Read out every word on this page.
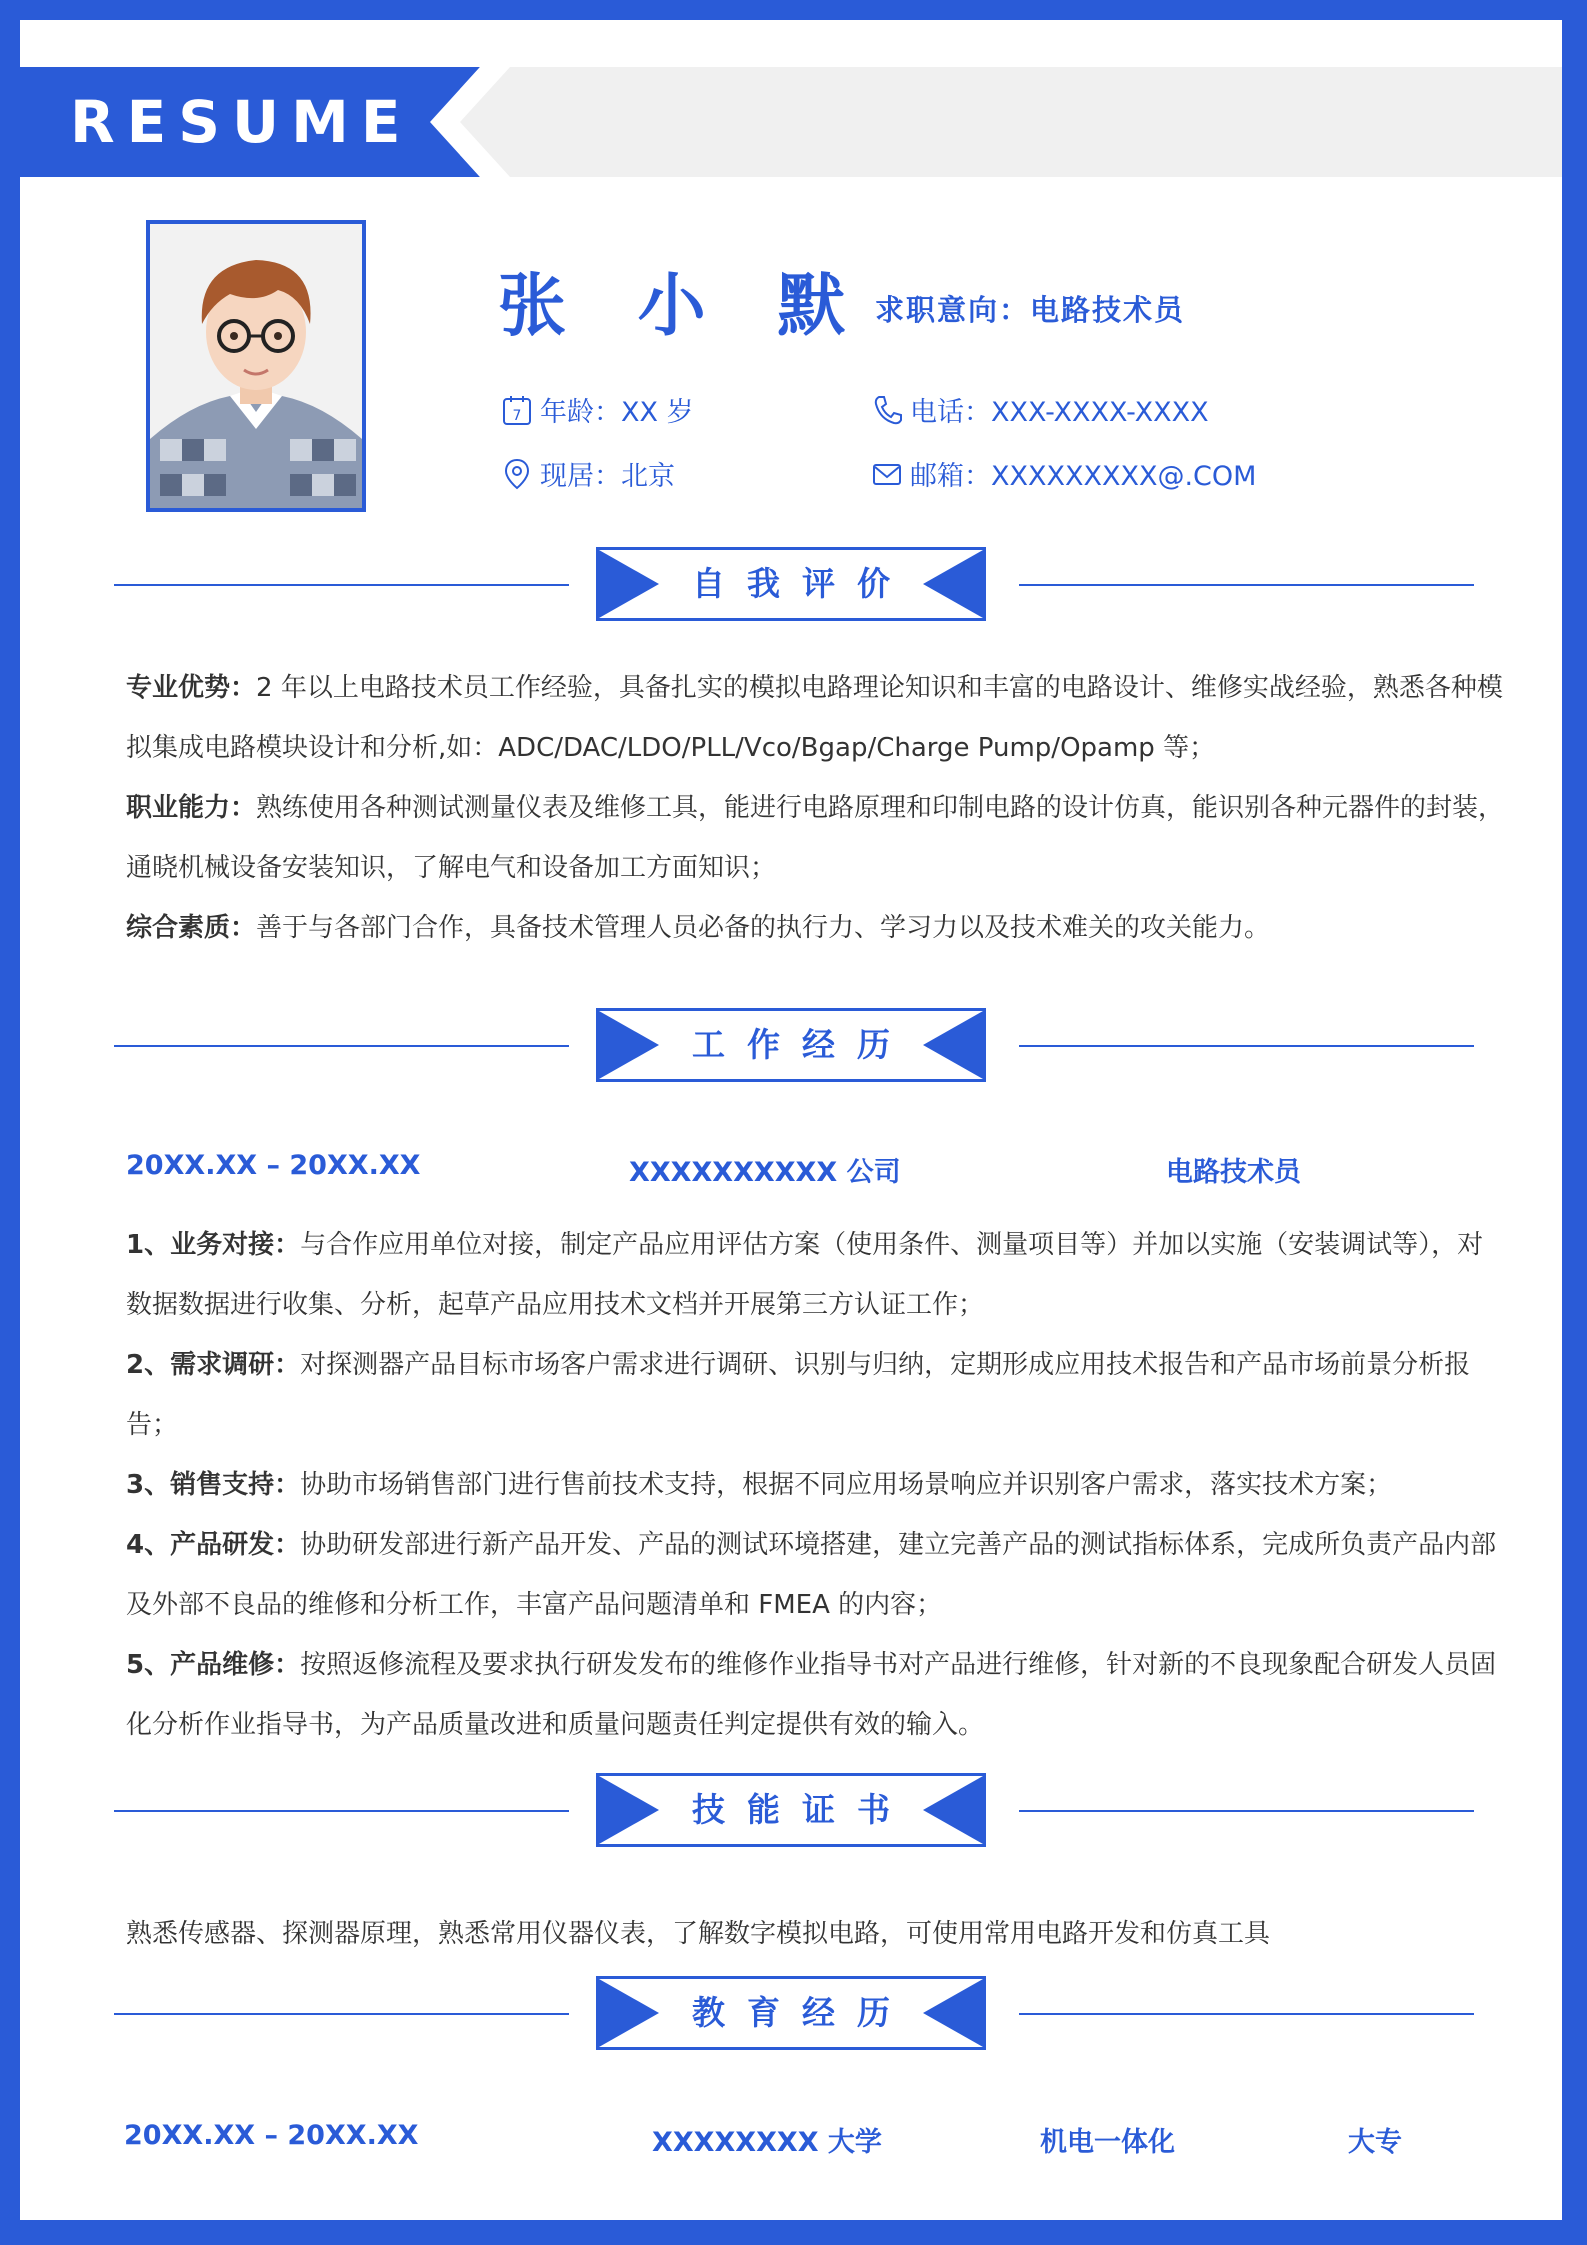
RESUME
张 小 默 求职意向：电路技术员
7 年龄：XX 岁
现居：北京
电话：XXX-XXXX-XXXX
邮箱：XXXXXXXXX@.COM
自我评价
专业优势：2 年以上电路技术员工作经验，具备扎实的模拟电路理论知识和丰富的电路设计、维修实战经验，熟悉各种模拟集成电路模块设计和分析,如：ADC/DAC/LDO/PLL/Vco/Bgap/Charge Pump/Opamp 等；
职业能力：熟练使用各种测试测量仪表及维修工具，能进行电路原理和印制电路的设计仿真，能识别各种元器件的封装，通晓机械设备安装知识，了解电气和设备加工方面知识；
综合素质：善于与各部门合作，具备技术管理人员必备的执行力、学习力以及技术难关的攻关能力。
工作经历
20XX.XX – 20XX.XX	XXXXXXXXXX 公司	电路技术员
1、业务对接：与合作应用单位对接，制定产品应用评估方案（使用条件、测量项目等）并加以实施（安装调试等），对数据数据进行收集、分析，起草产品应用技术文档并开展第三方认证工作；
2、需求调研：对探测器产品目标市场客户需求进行调研、识别与归纳，定期形成应用技术报告和产品市场前景分析报告；
3、销售支持：协助市场销售部门进行售前技术支持，根据不同应用场景响应并识别客户需求，落实技术方案；
4、产品研发：协助研发部进行新产品开发、产品的测试环境搭建，建立完善产品的测试指标体系，完成所负责产品内部及外部不良品的维修和分析工作，丰富产品问题清单和 FMEA 的内容；
5、产品维修：按照返修流程及要求执行研发发布的维修作业指导书对产品进行维修，针对新的不良现象配合研发人员固化分析作业指导书，为产品质量改进和质量问题责任判定提供有效的输入。
技能证书
熟悉传感器、探测器原理，熟悉常用仪器仪表，了解数字模拟电路，可使用常用电路开发和仿真工具
教育经历
20XX.XX – 20XX.XX	XXXXXXXX 大学	机电一体化	大专
